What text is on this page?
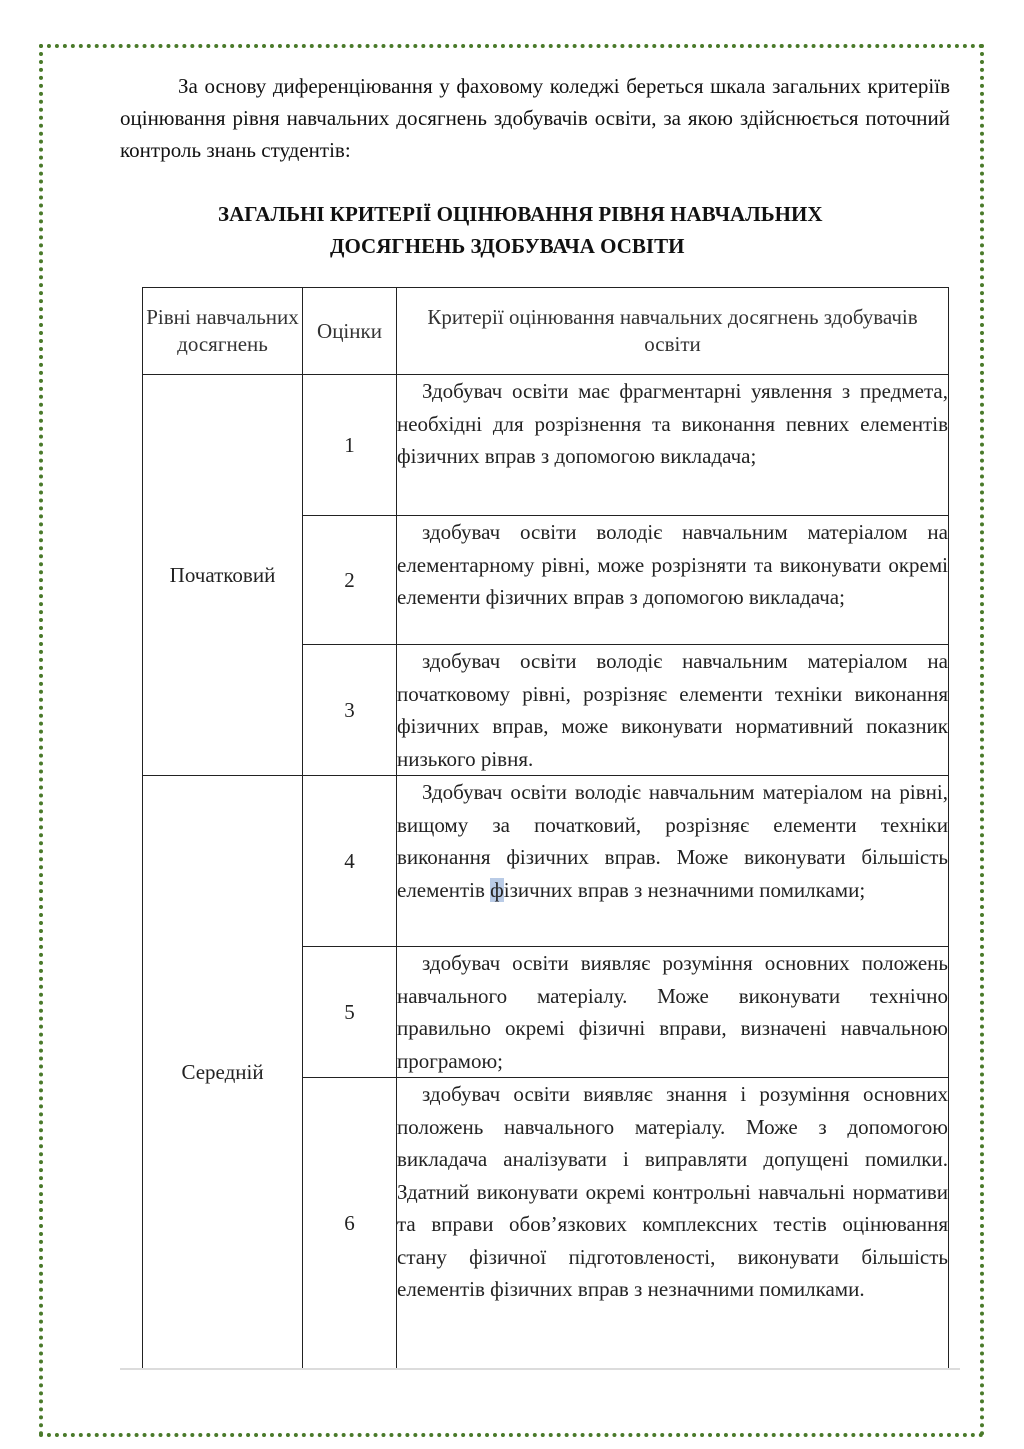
За основу диференціювання у фаховому коледжі береться шкала загальних критеріїв оцінювання рівня навчальних досягнень здобувачів освіти, за якою здійснюється поточний контроль знань студентів:

ЗАГАЛЬНІ КРИТЕРІЇ ОЦІНЮВАННЯ РІВНЯ НАВЧАЛЬНИХ
ДОСЯГНЕНЬ ЗДОБУВАЧА ОСВІТИ
Рівні навчальних досягнень	Оцінки	Критерії оцінювання навчальних досягнень здобувачів освіти
Початковий	1	Здобувач освіти має фрагментарні уявлення з предмета, необхідні для розрізнення та виконання певних елементів фізичних вправ з допомогою викладача;
	2	здобувач освіти володіє навчальним матеріалом на елементарному рівні, може розрізняти та виконувати окремі елементи фізичних вправ з допомогою викладача;
	3	здобувач освіти володіє навчальним матеріалом на початковому рівні, розрізняє елементи техніки виконання фізичних вправ, може виконувати нормативний показник низького рівня.
Середній	4	Здобувач освіти володіє навчальним матеріалом на рівні, вищому за початковий, розрізняє елементи техніки виконання фізичних вправ. Може виконувати більшість елементів фізичних вправ з незначними помилками;
	5	здобувач освіти виявляє розуміння основних положень навчального матеріалу. Може виконувати технічно правильно окремі фізичні вправи, визначені навчальною програмою;
	6	здобувач освіти виявляє знання і розуміння основних положень навчального матеріалу. Може з допомогою викладача аналізувати і виправляти допущені помилки. Здатний виконувати окремі контрольні навчальні нормативи та вправи обов’язкових комплексних тестів оцінювання стану фізичної підготовленості, виконувати більшість елементів фізичних вправ з незначними помилками.
